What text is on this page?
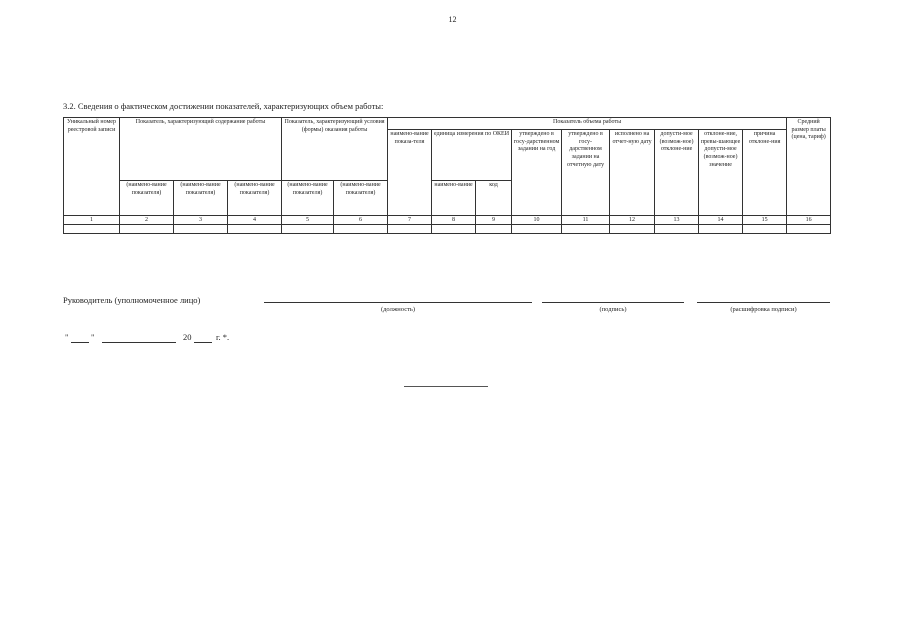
12
3.2. Сведения о фактическом достижении показателей, характеризующих объем работы:
Уникальный номер реестровой записи	Показатель, характеризующий содержание работы			Показатель, характеризующий условия (формы) оказания работы		Показатель объема работы									Средний размер платы (цена, тариф)
						наимено-вание показа-теля	единица измерения по ОКЕИ		утверждено в госу-дарственном задании на год	утверждено в госу-дарственном задании на отчетную дату	исполнено на отчет-ную дату	допусти-мое (возмож-ное) отклоне-ние	отклоне-ние, превы-шающее допусти-мое (возмож-ное) значение	причина отклоне-ния	
							наимено-вание	код							
	(наимено-вание показателя)	(наимено-вание показателя)	(наимено-вание показателя)	(наимено-вание показателя)	(наимено-вание показателя)										
1	2	3	4	5	6	7	8	9	10	11	12	13	14	15	16

Руководитель (уполномоченное лицо)
(должность)	(подпись)	(расшифровка подписи)
"	"	20	г. *.
